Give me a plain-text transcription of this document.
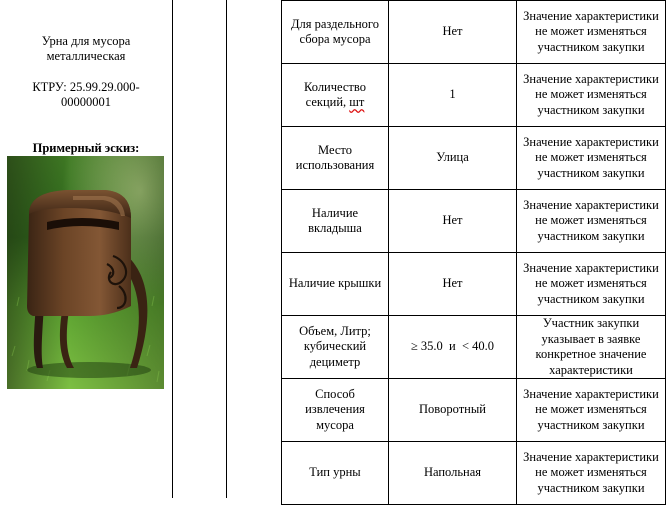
Урна для мусора металлическая
КТРУ: 25.99.29.000-00000001
Примерный эскиз:
Для раздельного сбора мусора	Нет	Значение характеристики не может изменяться участником закупки
Количество секций, шт	1	Значение характеристики не может изменяться участником закупки
Место использования	Улица	Значение характеристики не может изменяться участником закупки
Наличие вкладыша	Нет	Значение характеристики не может изменяться участником закупки
Наличие крышки	Нет	Значение характеристики не может изменяться участником закупки
Объем, Литр; кубический дециметр	≥ 35.0  и  < 40.0	Участник закупки указывает в заявке конкретное значение характеристики
Способ извлечения мусора	Поворотный	Значение характеристики не может изменяться участником закупки
Тип урны	Напольная	Значение характеристики не может изменяться участником закупки
